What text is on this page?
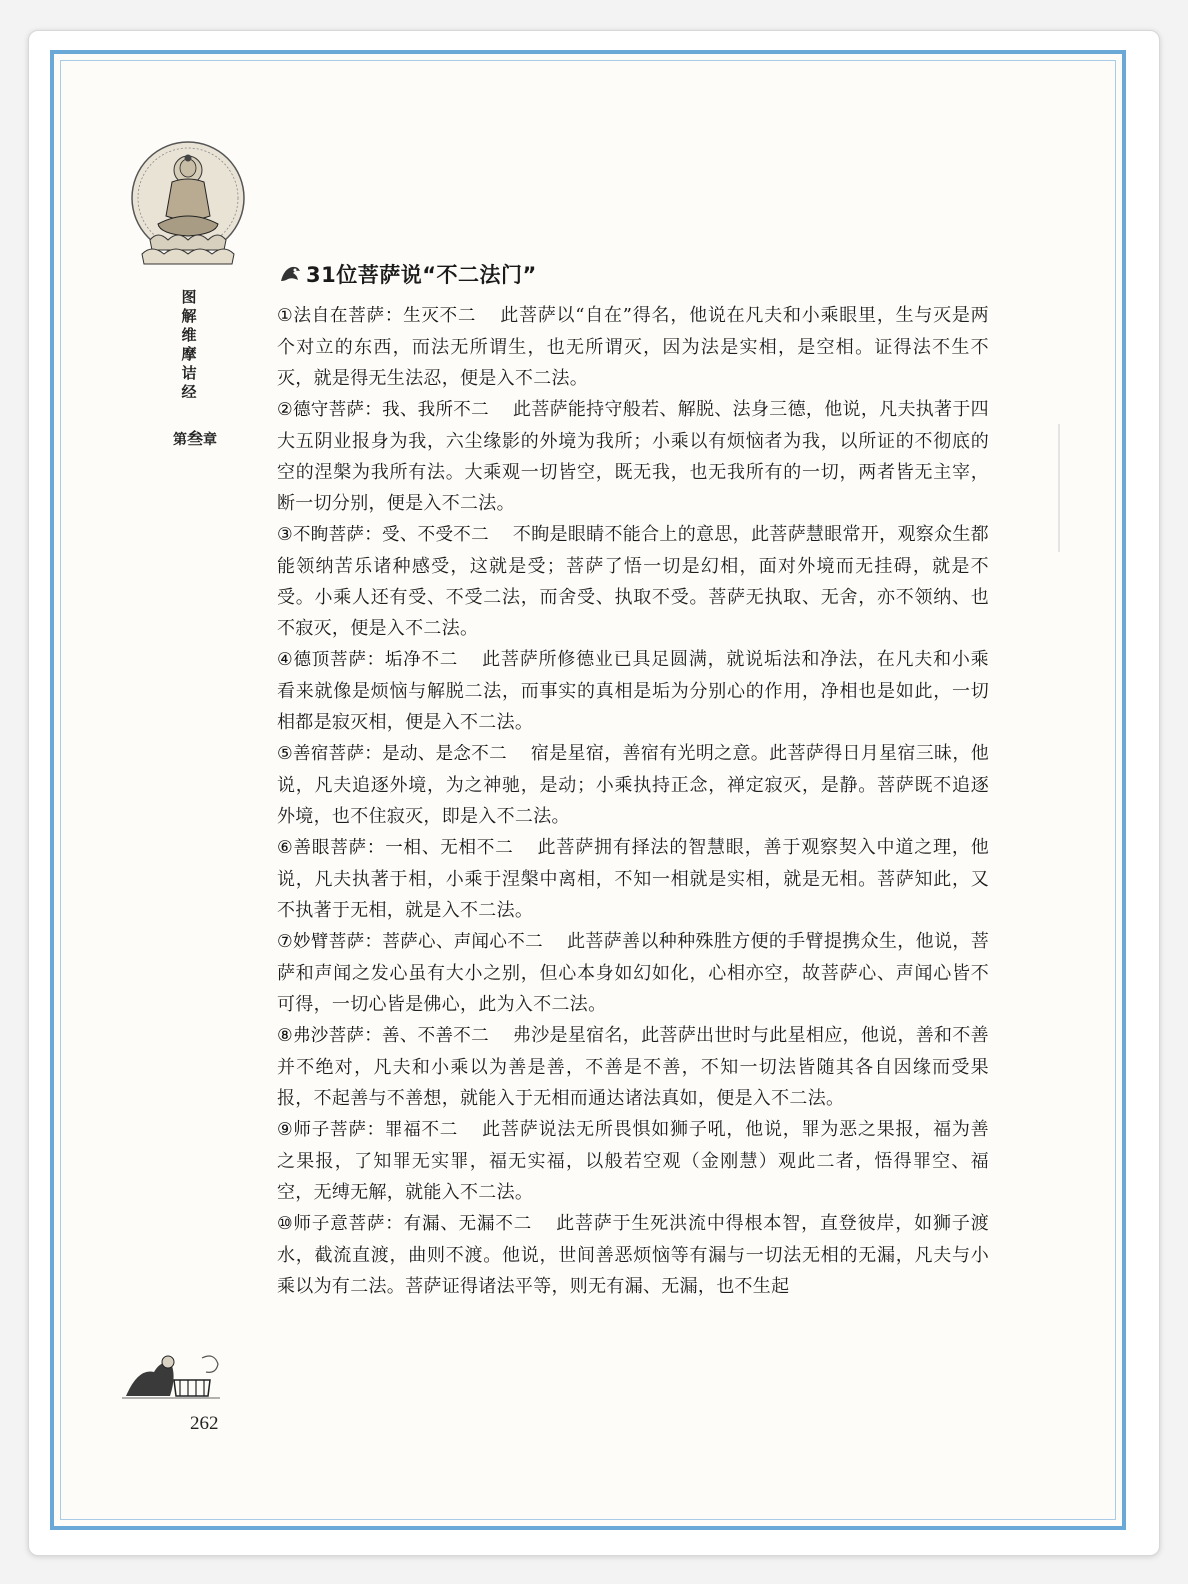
图解维摩诘经
第叁章
31位菩萨说“不二法门”

①法自在菩萨：生灭不二 此菩萨以“自在”得名，他说在凡夫和小乘眼里，生与灭是两个对立的东西，而法无所谓生，也无所谓灭，因为法是实相，是空相。证得法不生不灭，就是得无生法忍，便是入不二法。

②德守菩萨：我、我所不二 此菩萨能持守般若、解脱、法身三德，他说，凡夫执著于四大五阴业报身为我，六尘缘影的外境为我所；小乘以有烦恼者为我，以所证的不彻底的空的涅槃为我所有法。大乘观一切皆空，既无我，也无我所有的一切，两者皆无主宰，断一切分别，便是入不二法。

③不眴菩萨：受、不受不二 不眴是眼睛不能合上的意思，此菩萨慧眼常开，观察众生都能领纳苦乐诸种感受，这就是受；菩萨了悟一切是幻相，面对外境而无挂碍，就是不受。小乘人还有受、不受二法，而舍受、执取不受。菩萨无执取、无舍，亦不领纳、也不寂灭，便是入不二法。

④德顶菩萨：垢净不二 此菩萨所修德业已具足圆满，就说垢法和净法，在凡夫和小乘看来就像是烦恼与解脱二法，而事实的真相是垢为分别心的作用，净相也是如此，一切相都是寂灭相，便是入不二法。

⑤善宿菩萨：是动、是念不二 宿是星宿，善宿有光明之意。此菩萨得日月星宿三昧，他说，凡夫追逐外境，为之神驰，是动；小乘执持正念，禅定寂灭，是静。菩萨既不追逐外境，也不住寂灭，即是入不二法。

⑥善眼菩萨：一相、无相不二 此菩萨拥有择法的智慧眼，善于观察契入中道之理，他说，凡夫执著于相，小乘于涅槃中离相，不知一相就是实相，就是无相。菩萨知此，又不执著于无相，就是入不二法。

⑦妙臂菩萨：菩萨心、声闻心不二 此菩萨善以种种殊胜方便的手臂提携众生，他说，菩萨和声闻之发心虽有大小之别，但心本身如幻如化，心相亦空，故菩萨心、声闻心皆不可得，一切心皆是佛心，此为入不二法。

⑧弗沙菩萨：善、不善不二 弗沙是星宿名，此菩萨出世时与此星相应，他说，善和不善并不绝对，凡夫和小乘以为善是善，不善是不善，不知一切法皆随其各自因缘而受果报，不起善与不善想，就能入于无相而通达诸法真如，便是入不二法。

⑨师子菩萨：罪福不二 此菩萨说法无所畏惧如狮子吼，他说，罪为恶之果报，福为善之果报，了知罪无实罪，福无实福，以般若空观（金刚慧）观此二者，悟得罪空、福空，无缚无解，就能入不二法。

⑩师子意菩萨：有漏、无漏不二 此菩萨于生死洪流中得根本智，直登彼岸，如狮子渡水，截流直渡，曲则不渡。他说，世间善恶烦恼等有漏与一切法无相的无漏，凡夫与小乘以为有二法。菩萨证得诸法平等，则无有漏、无漏，也不生起

262
